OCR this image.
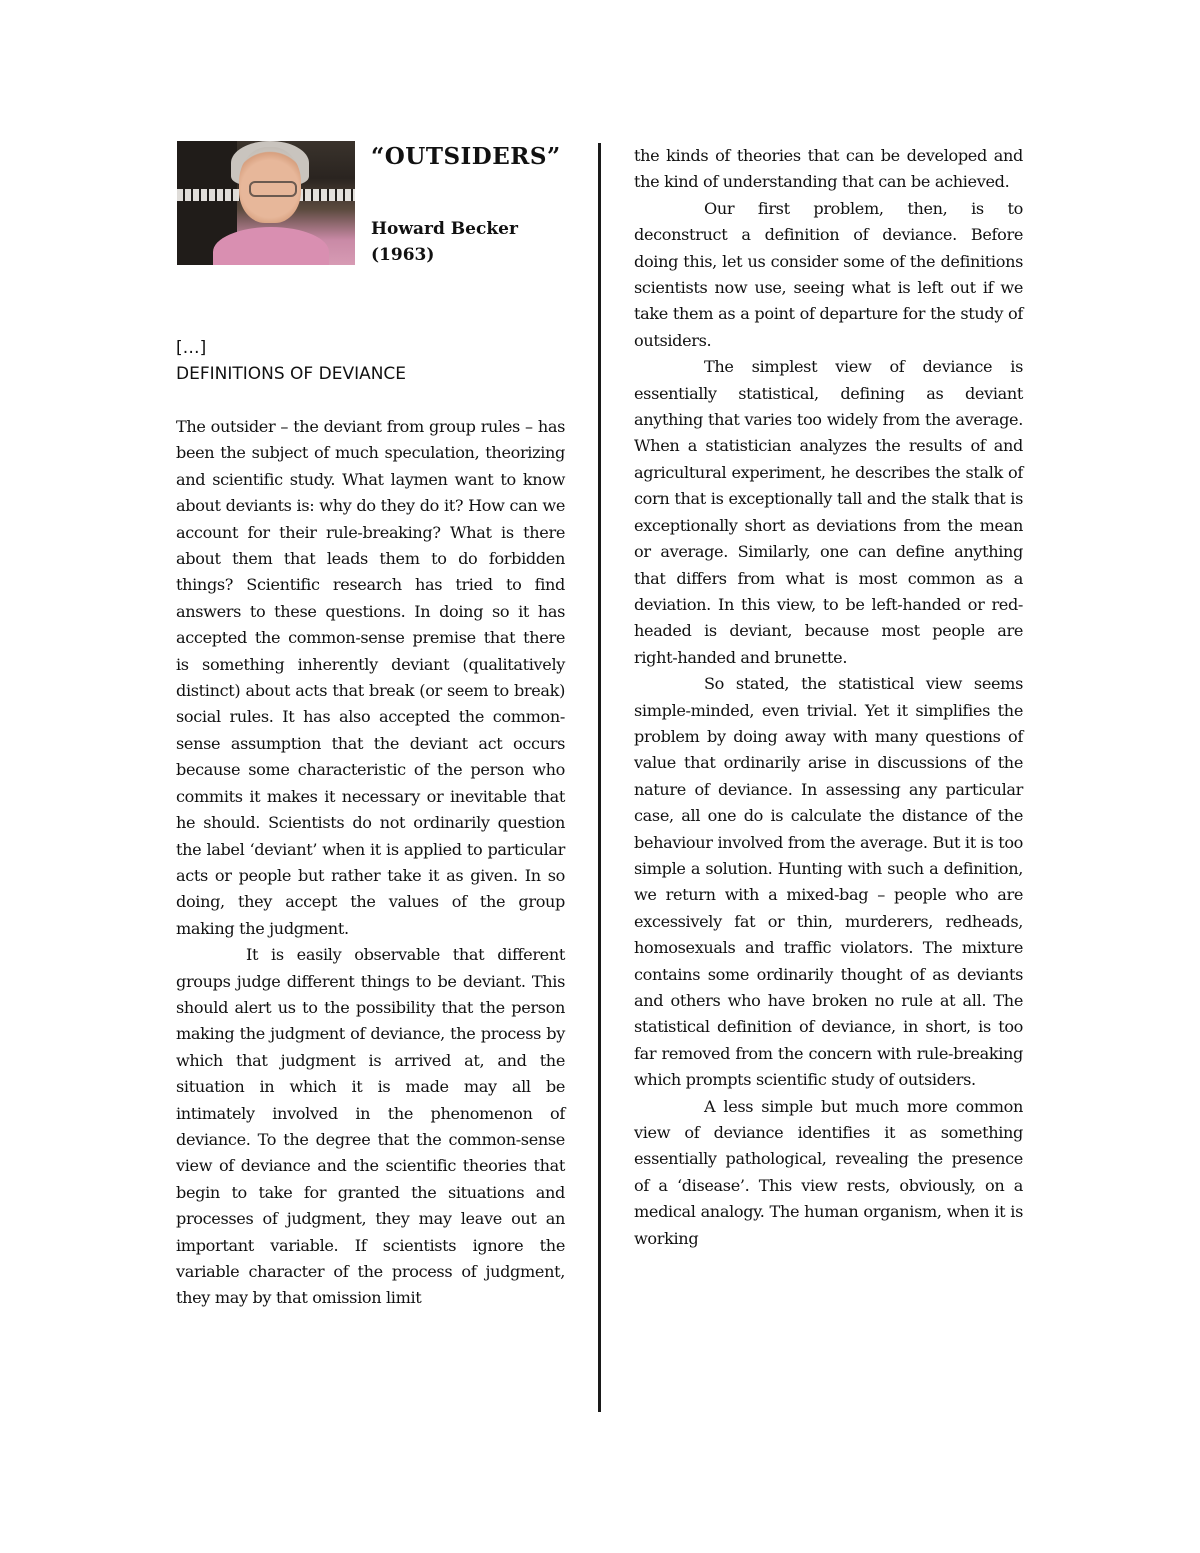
“OUTSIDERS”
Howard Becker
(1963)

[…]

DEFINITIONS OF DEVIANCE

The outsider – the deviant from group rules – has been the subject of much speculation, theorizing and scientific study. What laymen want to know about deviants is: why do they do it? How can we account for their rule-breaking? What is there about them that leads them to do forbidden things? Scientific research has tried to find answers to these questions. In doing so it has accepted the common-sense premise that there is something inherently deviant (qualitatively distinct) about acts that break (or seem to break) social rules. It has also accepted the common-sense assumption that the deviant act occurs because some characteristic of the person who commits it makes it necessary or inevitable that he should. Scientists do not ordinarily question the label ‘deviant’ when it is applied to particular acts or people but rather take it as given. In so doing, they accept the values of the group making the judgment.

It is easily observable that different groups judge different things to be deviant. This should alert us to the possibility that the person making the judgment of deviance, the process by which that judgment is arrived at, and the situation in which it is made may all be intimately involved in the phenomenon of deviance. To the degree that the common-sense view of deviance and the scientific theories that begin to take for granted the situations and processes of judgment, they may leave out an important variable. If scientists ignore the variable character of the process of judgment, they may by that omission limit

the kinds of theories that can be developed and the kind of understanding that can be achieved.

Our first problem, then, is to deconstruct a definition of deviance. Before doing this, let us consider some of the definitions scientists now use, seeing what is left out if we take them as a point of departure for the study of outsiders.

The simplest view of deviance is essentially statistical, defining as deviant anything that varies too widely from the average. When a statistician analyzes the results of and agricultural experiment, he describes the stalk of corn that is exceptionally tall and the stalk that is exceptionally short as deviations from the mean or average. Similarly, one can define anything that differs from what is most common as a deviation. In this view, to be left-handed or red-headed is deviant, because most people are right-handed and brunette.

So stated, the statistical view seems simple-minded, even trivial. Yet it simplifies the problem by doing away with many questions of value that ordinarily arise in discussions of the nature of deviance. In assessing any particular case, all one do is calculate the distance of the behaviour involved from the average. But it is too simple a solution. Hunting with such a definition, we return with a mixed-bag – people who are excessively fat or thin, murderers, redheads, homosexuals and traffic violators. The mixture contains some ordinarily thought of as deviants and others who have broken no rule at all. The statistical definition of deviance, in short, is too far removed from the concern with rule-breaking which prompts scientific study of outsiders.

A less simple but much more common view of deviance identifies it as something essentially pathological, revealing the presence of a ‘disease’. This view rests, obviously, on a medical analogy. The human organism, when it is working
